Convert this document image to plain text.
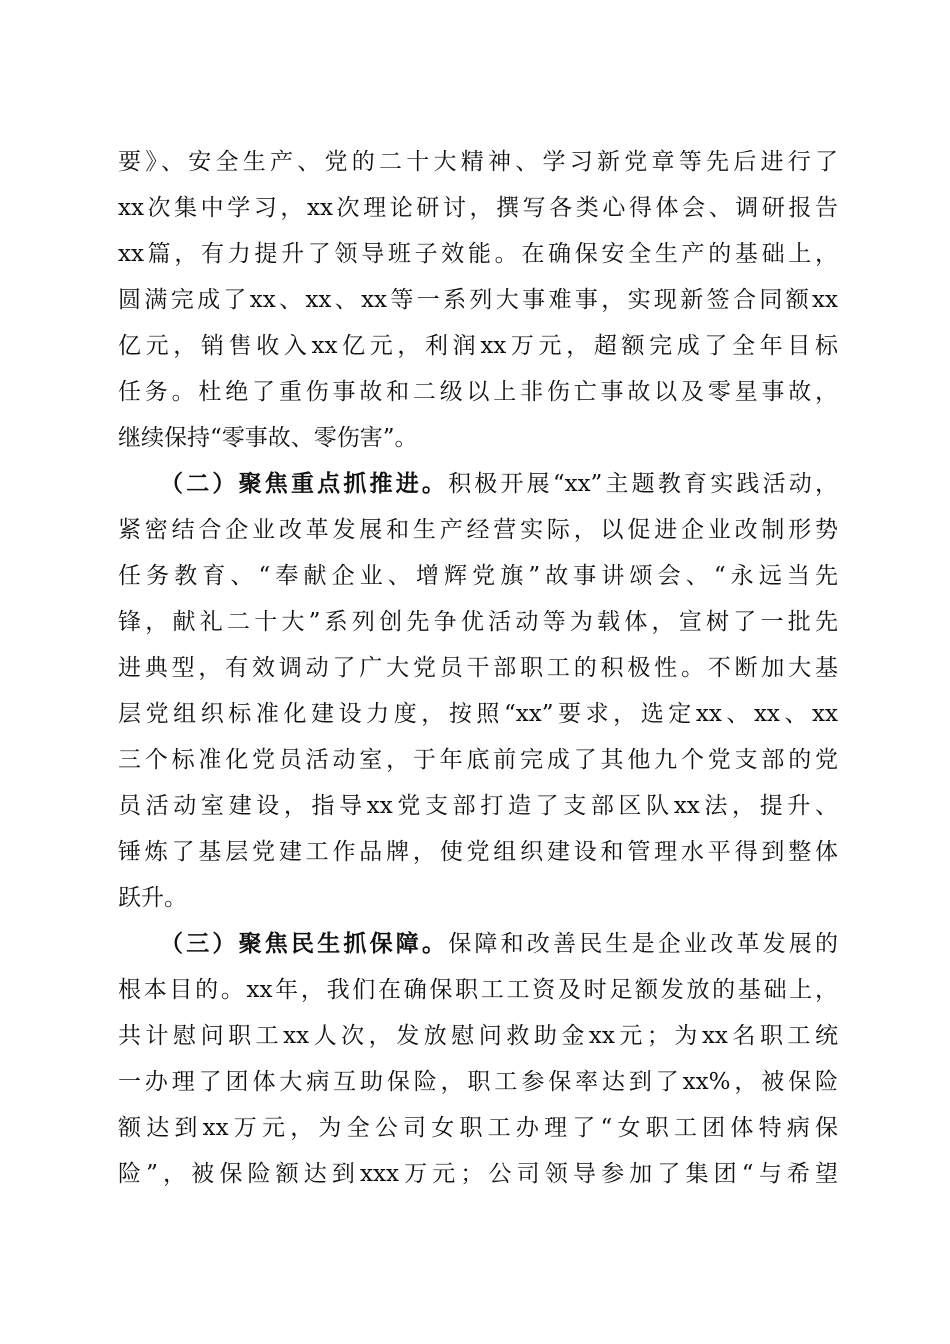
要》、安全生产、党的二十大精神、学习新党章等先后进行了
xx次集中学习，xx次理论研讨，撰写各类心得体会、调研报告
xx篇，有力提升了领导班子效能。在确保安全生产的基础上，
圆满完成了xx、xx、xx等一系列大事难事，实现新签合同额xx
亿元，销售收入xx亿元，利润xx万元，超额完成了全年目标
任务。杜绝了重伤事故和二级以上非伤亡事故以及零星事故，
继续保持“零事故、零伤害”。
（二）聚焦重点抓推进。积极开展“xx”主题教育实践活动，
紧密结合企业改革发展和生产经营实际，以促进企业改制形势
任务教育、“奉献企业、增辉党旗”故事讲颂会、“永远当先
锋，献礼二十大”系列创先争优活动等为载体，宣树了一批先
进典型，有效调动了广大党员干部职工的积极性。不断加大基
层党组织标准化建设力度，按照“xx”要求，选定xx、xx、xx
三个标准化党员活动室，于年底前完成了其他九个党支部的党
员活动室建设，指导xx党支部打造了支部区队xx法，提升、
锤炼了基层党建工作品牌，使党组织建设和管理水平得到整体
跃升。
（三）聚焦民生抓保障。保障和改善民生是企业改革发展的
根本目的。xx年，我们在确保职工工资及时足额发放的基础上，
共计慰问职工xx人次，发放慰问救助金xx元；为xx名职工统
一办理了团体大病互助保险，职工参保率达到了xx%，被保险
额达到xx万元，为全公司女职工办理了“女职工团体特病保
险”，被保险额达到xxx万元；公司领导参加了集团“与希望
